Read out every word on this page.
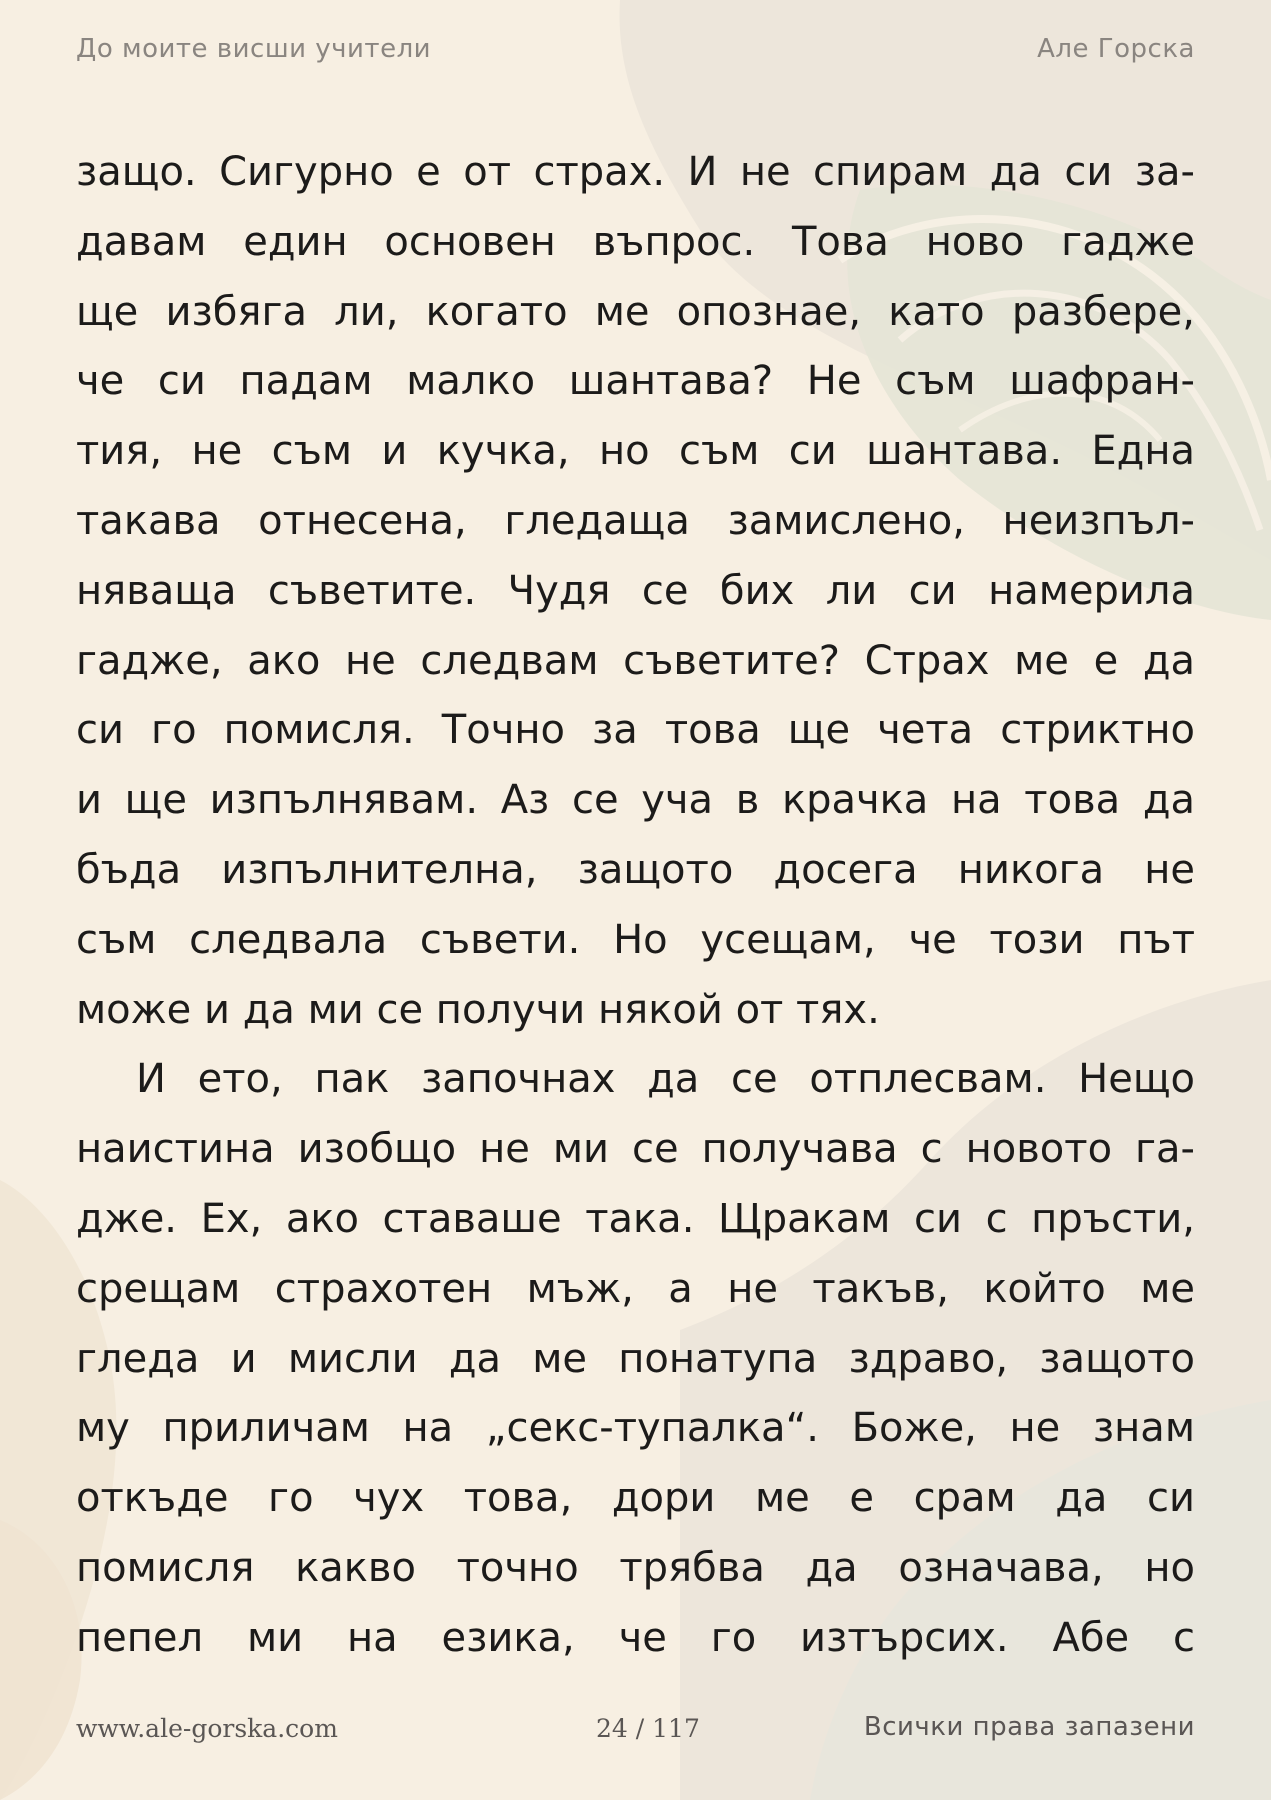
До моите висши учители	Але Горска
защо. Сигурно е от страх. И не спирам да си за-
давам един основен въпрос. Това ново гадже
ще избяга ли, когато ме опознае, като разбере,
че си падам малко шантава? Не съм шафран-
тия, не съм и кучка, но съм си шантава. Една
такава отнесена, гледаща замислено, неизпъл-
няваща съветите. Чудя се бих ли си намерила
гадже, ако не следвам съветите? Страх ме е да
си го помисля. Точно за това ще чета стриктно
и ще изпълнявам. Аз се уча в крачка на това да
бъда изпълнителна, защото досега никога не
съм следвала съвети. Но усещам, че този път
може и да ми се получи някой от тях.
И ето, пак започнах да се отплесвам. Нещо
наистина изобщо не ми се получава с новото га-
дже. Ех, ако ставаше така. Щракам си с пръсти,
срещам страхотен мъж, а не такъв, който ме
гледа и мисли да ме понатупа здраво, защото
му приличам на „секс-тупалка“. Боже, не знам
откъде го чух това, дори ме е срам да си
помисля какво точно трябва да означава, но
пепел ми на езика, че го изтърсих. Абе с
www.ale-gorska.com	24 / 117	Всички права запазени
